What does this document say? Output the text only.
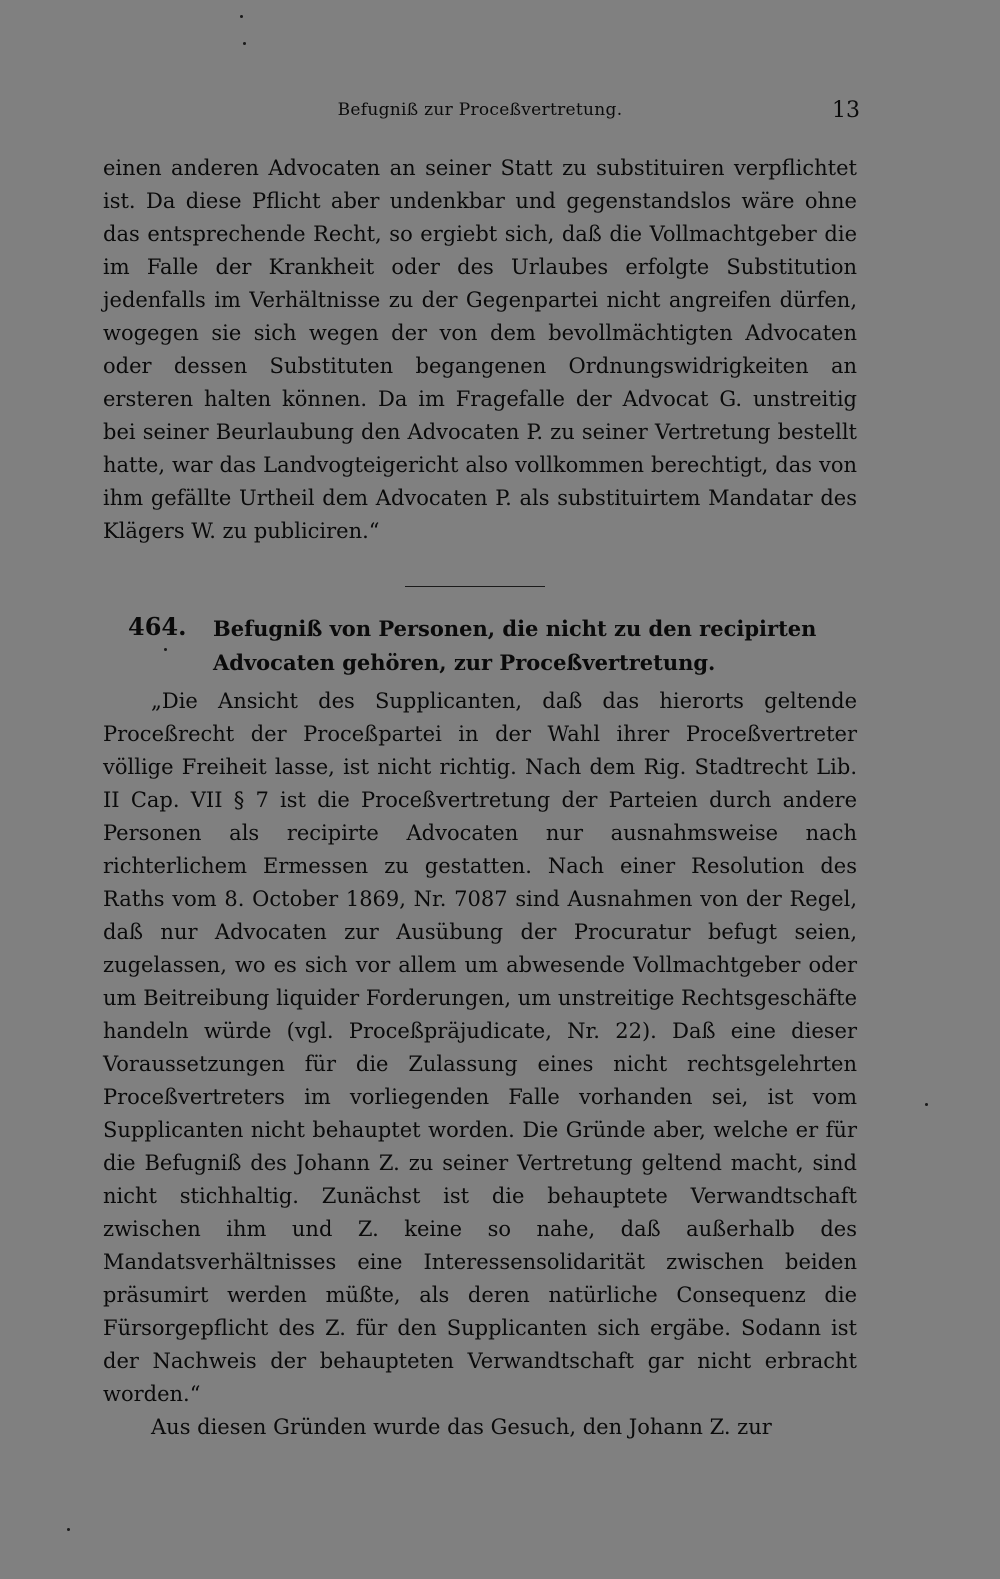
Befugniß zur Proceßvertretung.	13

einen anderen Advocaten an seiner Statt zu substituiren verpflichtet ist. Da diese Pflicht aber undenkbar und gegenstandslos wäre ohne das entsprechende Recht, so ergiebt sich, daß die Vollmachtgeber die im Falle der Krankheit oder des Urlaubes erfolgte Substitution jedenfalls im Verhältnisse zu der Gegenpartei nicht angreifen dürfen, wogegen sie sich wegen der von dem bevollmächtigten Advocaten oder dessen Substituten begangenen Ordnungswidrigkeiten an ersteren halten können. Da im Fragefalle der Advocat G. unstreitig bei seiner Beurlaubung den Advocaten P. zu seiner Vertretung bestellt hatte, war das Landvogteigericht also vollkommen berechtigt, das von ihm gefällte Urtheil dem Advocaten P. als substituirtem Mandatar des Klägers W. zu publiciren.“

464. Befugniß von Personen, die nicht zu den recipirten Advocaten gehören, zur Proceßvertretung.

„Die Ansicht des Supplicanten, daß das hierorts geltende Proceßrecht der Proceßpartei in der Wahl ihrer Proceßvertreter völlige Freiheit lasse, ist nicht richtig. Nach dem Rig. Stadtrecht Lib. II Cap. VII § 7 ist die Proceßvertretung der Parteien durch andere Personen als recipirte Advocaten nur ausnahmsweise nach richterlichem Ermessen zu gestatten. Nach einer Resolution des Raths vom 8. October 1869, Nr. 7087 sind Ausnahmen von der Regel, daß nur Advocaten zur Ausübung der Procuratur befugt seien, zugelassen, wo es sich vor allem um abwesende Vollmachtgeber oder um Beitreibung liquider Forderungen, um unstreitige Rechtsgeschäfte handeln würde (vgl. Proceßpräjudicate, Nr. 22). Daß eine dieser Voraussetzungen für die Zulassung eines nicht rechtsgelehrten Proceßvertreters im vorliegenden Falle vorhanden sei, ist vom Supplicanten nicht behauptet worden. Die Gründe aber, welche er für die Befugniß des Johann Z. zu seiner Vertretung geltend macht, sind nicht stichhaltig. Zunächst ist die behauptete Verwandtschaft zwischen ihm und Z. keine so nahe, daß außerhalb des Mandatsverhältnisses eine Interessensolidarität zwischen beiden präsumirt werden müßte, als deren natürliche Consequenz die Fürsorgepflicht des Z. für den Supplicanten sich ergäbe. Sodann ist der Nachweis der behaupteten Verwandtschaft gar nicht erbracht worden.“

Aus diesen Gründen wurde das Gesuch, den Johann Z. zur
